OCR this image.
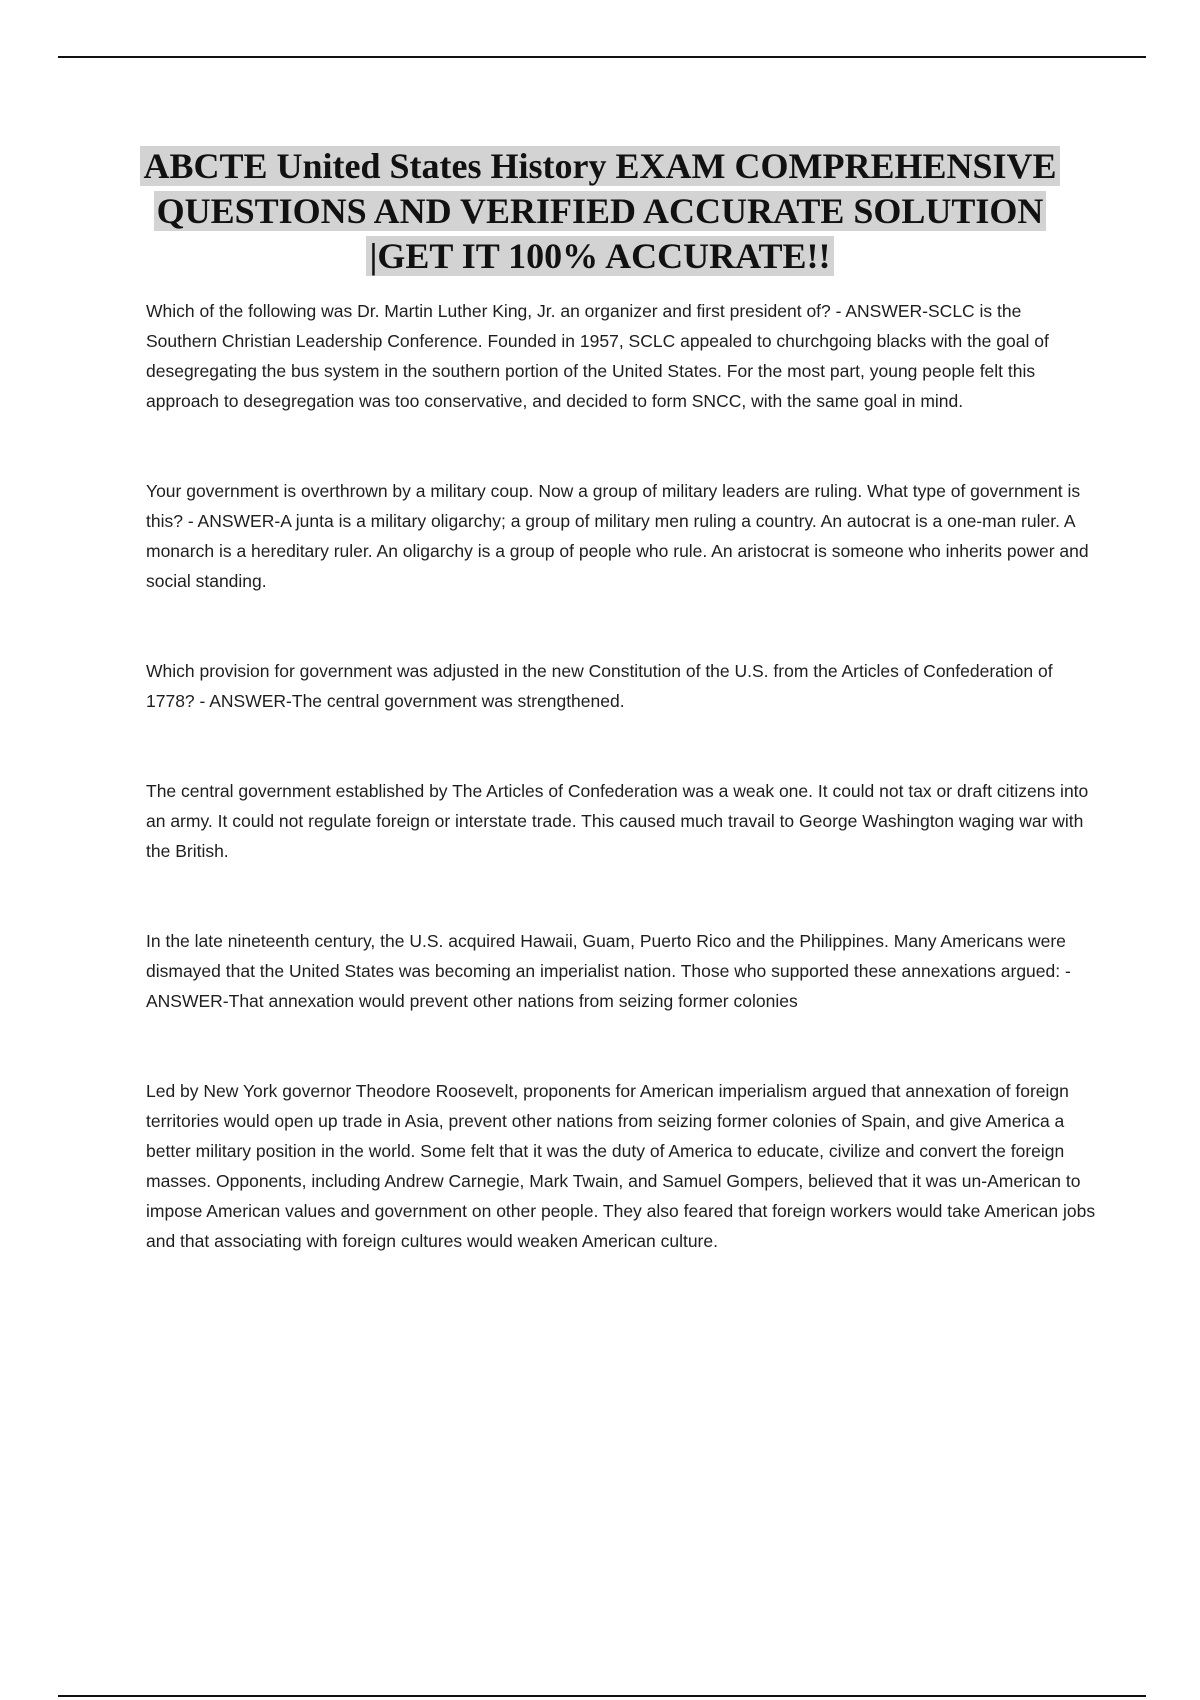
ABCTE United States History EXAM COMPREHENSIVE
QUESTIONS AND VERIFIED ACCURATE SOLUTION
|GET IT 100% ACCURATE!!

Which of the following was Dr. Martin Luther King, Jr. an organizer and first president of? - ANSWER-SCLC is the Southern Christian Leadership Conference. Founded in 1957, SCLC appealed to churchgoing blacks with the goal of desegregating the bus system in the southern portion of the United States. For the most part, young people felt this approach to desegregation was too conservative, and decided to form SNCC, with the same goal in mind.

Your government is overthrown by a military coup. Now a group of military leaders are ruling. What type of government is this? - ANSWER-A junta is a military oligarchy; a group of military men ruling a country. An autocrat is a one-man ruler. A monarch is a hereditary ruler. An oligarchy is a group of people who rule. An aristocrat is someone who inherits power and social standing.

Which provision for government was adjusted in the new Constitution of the U.S. from the Articles of Confederation of 1778? - ANSWER-The central government was strengthened.

The central government established by The Articles of Confederation was a weak one. It could not tax or draft citizens into an army. It could not regulate foreign or interstate trade. This caused much travail to George Washington waging war with the British.

In the late nineteenth century, the U.S. acquired Hawaii, Guam, Puerto Rico and the Philippines. Many Americans were dismayed that the United States was becoming an imperialist nation. Those who supported these annexations argued: - ANSWER-That annexation would prevent other nations from seizing former colonies

Led by New York governor Theodore Roosevelt, proponents for American imperialism argued that annexation of foreign territories would open up trade in Asia, prevent other nations from seizing former colonies of Spain, and give America a better military position in the world. Some felt that it was the duty of America to educate, civilize and convert the foreign masses. Opponents, including Andrew Carnegie, Mark Twain, and Samuel Gompers, believed that it was un-American to impose American values and government on other people. They also feared that foreign workers would take American jobs and that associating with foreign cultures would weaken American culture.
